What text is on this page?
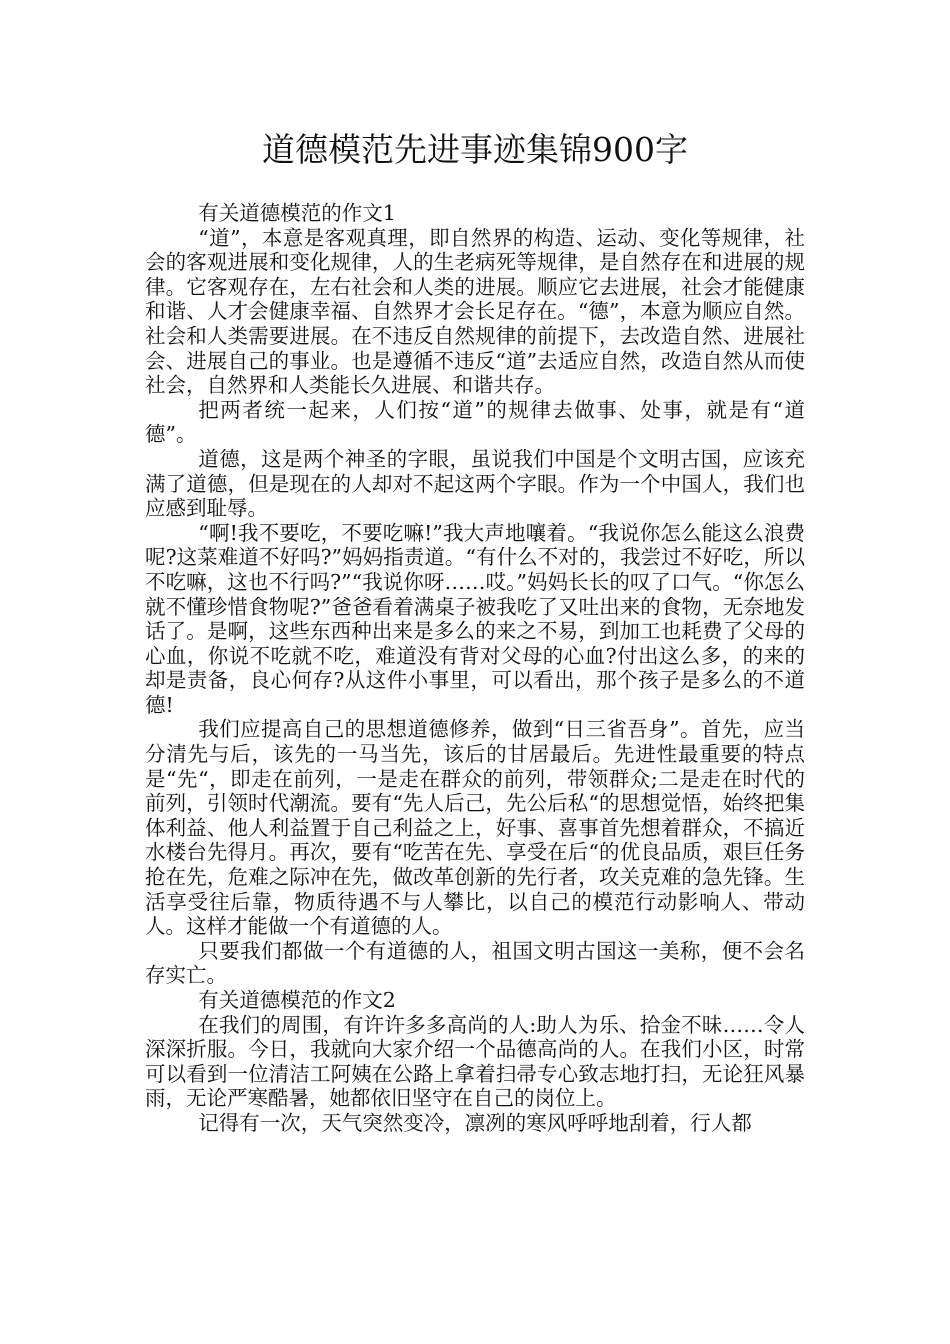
道德模范先进事迹集锦900字

有关道德模范的作文1

“道”，本意是客观真理，即自然界的构造、运动、变化等规律，社会的客观进展和变化规律，人的生老病死等规律，是自然存在和进展的规律。它客观存在，左右社会和人类的进展。顺应它去进展，社会才能健康和谐、人才会健康幸福、自然界才会长足存在。“德”，本意为顺应自然。社会和人类需要进展。在不违反自然规律的前提下，去改造自然、进展社会、进展自己的事业。也是遵循不违反“道”去适应自然，改造自然从而使社会，自然界和人类能长久进展、和谐共存。

把两者统一起来，人们按“道”的规律去做事、处事，就是有“道德”。

道德，这是两个神圣的字眼，虽说我们中国是个文明古国，应该充满了道德，但是现在的人却对不起这两个字眼。作为一个中国人，我们也应感到耻辱。

“啊!我不要吃，不要吃嘛!”我大声地嚷着。“我说你怎么能这么浪费呢?这菜难道不好吗?”妈妈指责道。“有什么不对的，我尝过不好吃，所以不吃嘛，这也不行吗?”“我说你呀……哎。”妈妈长长的叹了口气。“你怎么就不懂珍惜食物呢?”爸爸看着满桌子被我吃了又吐出来的食物，无奈地发话了。是啊，这些东西种出来是多么的来之不易，到加工也耗费了父母的心血，你说不吃就不吃，难道没有背对父母的心血?付出这么多，的来的却是责备，良心何存?从这件小事里，可以看出，那个孩子是多么的不道德!

我们应提高自己的思想道德修养，做到“日三省吾身”。首先，应当分清先与后，该先的一马当先，该后的甘居最后。先进性最重要的特点是“先“，即走在前列，一是走在群众的前列，带领群众;二是走在时代的前列，引领时代潮流。要有“先人后己，先公后私“的思想觉悟，始终把集体利益、他人利益置于自己利益之上，好事、喜事首先想着群众，不搞近水楼台先得月。再次，要有“吃苦在先、享受在后“的优良品质，艰巨任务抢在先，危难之际冲在先，做改革创新的先行者，攻关克难的急先锋。生活享受往后靠，物质待遇不与人攀比，以自己的模范行动影响人、带动人。这样才能做一个有道德的人。

只要我们都做一个有道德的人，祖国文明古国这一美称，便不会名存实亡。

有关道德模范的作文2

在我们的周围，有许许多多高尚的人:助人为乐、拾金不昧……令人深深折服。今日，我就向大家介绍一个品德高尚的人。在我们小区，时常可以看到一位清洁工阿姨在公路上拿着扫帚专心致志地打扫，无论狂风暴雨，无论严寒酷暑，她都依旧坚守在自己的岗位上。

记得有一次，天气突然变冷，凛冽的寒风呼呼地刮着，行人都
